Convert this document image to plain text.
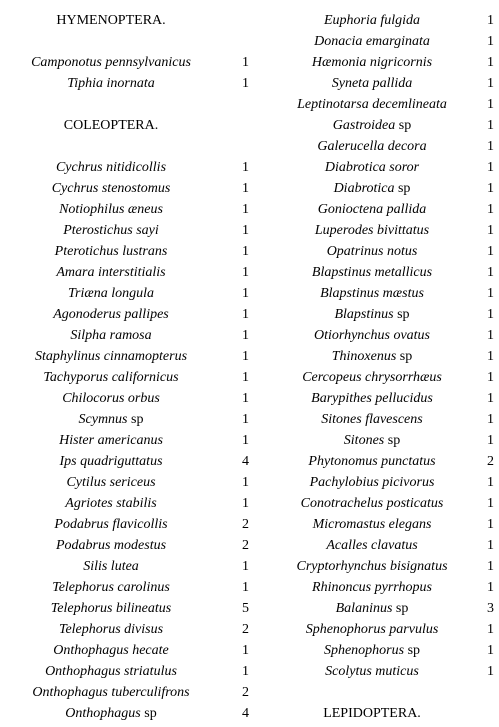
HYMENOPTERA.
Camponotus pennsylvanicus	1
Tiphia inornata	1
COLEOPTERA.
Cychrus nitidicollis	1
Cychrus stenostomus	1
Notiophilus æneus	1
Pterostichus sayi	1
Pterotichus lustrans	1
Amara interstitialis	1
Triæna longula	1
Agonoderus pallipes	1
Silpha ramosa	1
Staphylinus cinnamopterus	1
Tachyporus californicus	1
Chilocorus orbus	1
Scymnus sp	1
Hister americanus	1
Ips quadriguttatus	4
Cytilus sericeus	1
Agriotes stabilis	1
Podabrus flavicollis	2
Podabrus modestus	2
Silis lutea	1
Telephorus carolinus	1
Telephorus bilineatus	5
Telephorus divisus	2
Onthophagus hecate	1
Onthophagus striatulus	1
Onthophagus tuberculifrons	2
Onthophagus sp	4
Euphoria fulgida	1
Donacia emarginata	1
Hæmonia nigricornis	1
Syneta pallida	1
Leptinotarsa decemlineata	1
Gastroidea sp	1
Galerucella decora	1
Diabrotica soror	1
Diabrotica sp	1
Gonioctena pallida	1
Luperodes bivittatus	1
Opatrinus notus	1
Blapstinus metallicus	1
Blapstinus mæstus	1
Blapstinus sp	1
Otiorhynchus ovatus	1
Thinoxenus sp	1
Cercopeus chrysorrhæus	1
Barypithes pellucidus	1
Sitones flavescens	1
Sitones sp	1
Phytonomus punctatus	2
Pachylobius picivorus	1
Conotrachelus posticatus	1
Micromastus elegans	1
Acalles clavatus	1
Cryptorhynchus bisignatus	1
Rhinoncus pyrrhopus	1
Balaninus sp	3
Sphenophorus parvulus	1
Sphenophorus sp	1
Scolytus muticus	1
LEPIDOPTERA.
